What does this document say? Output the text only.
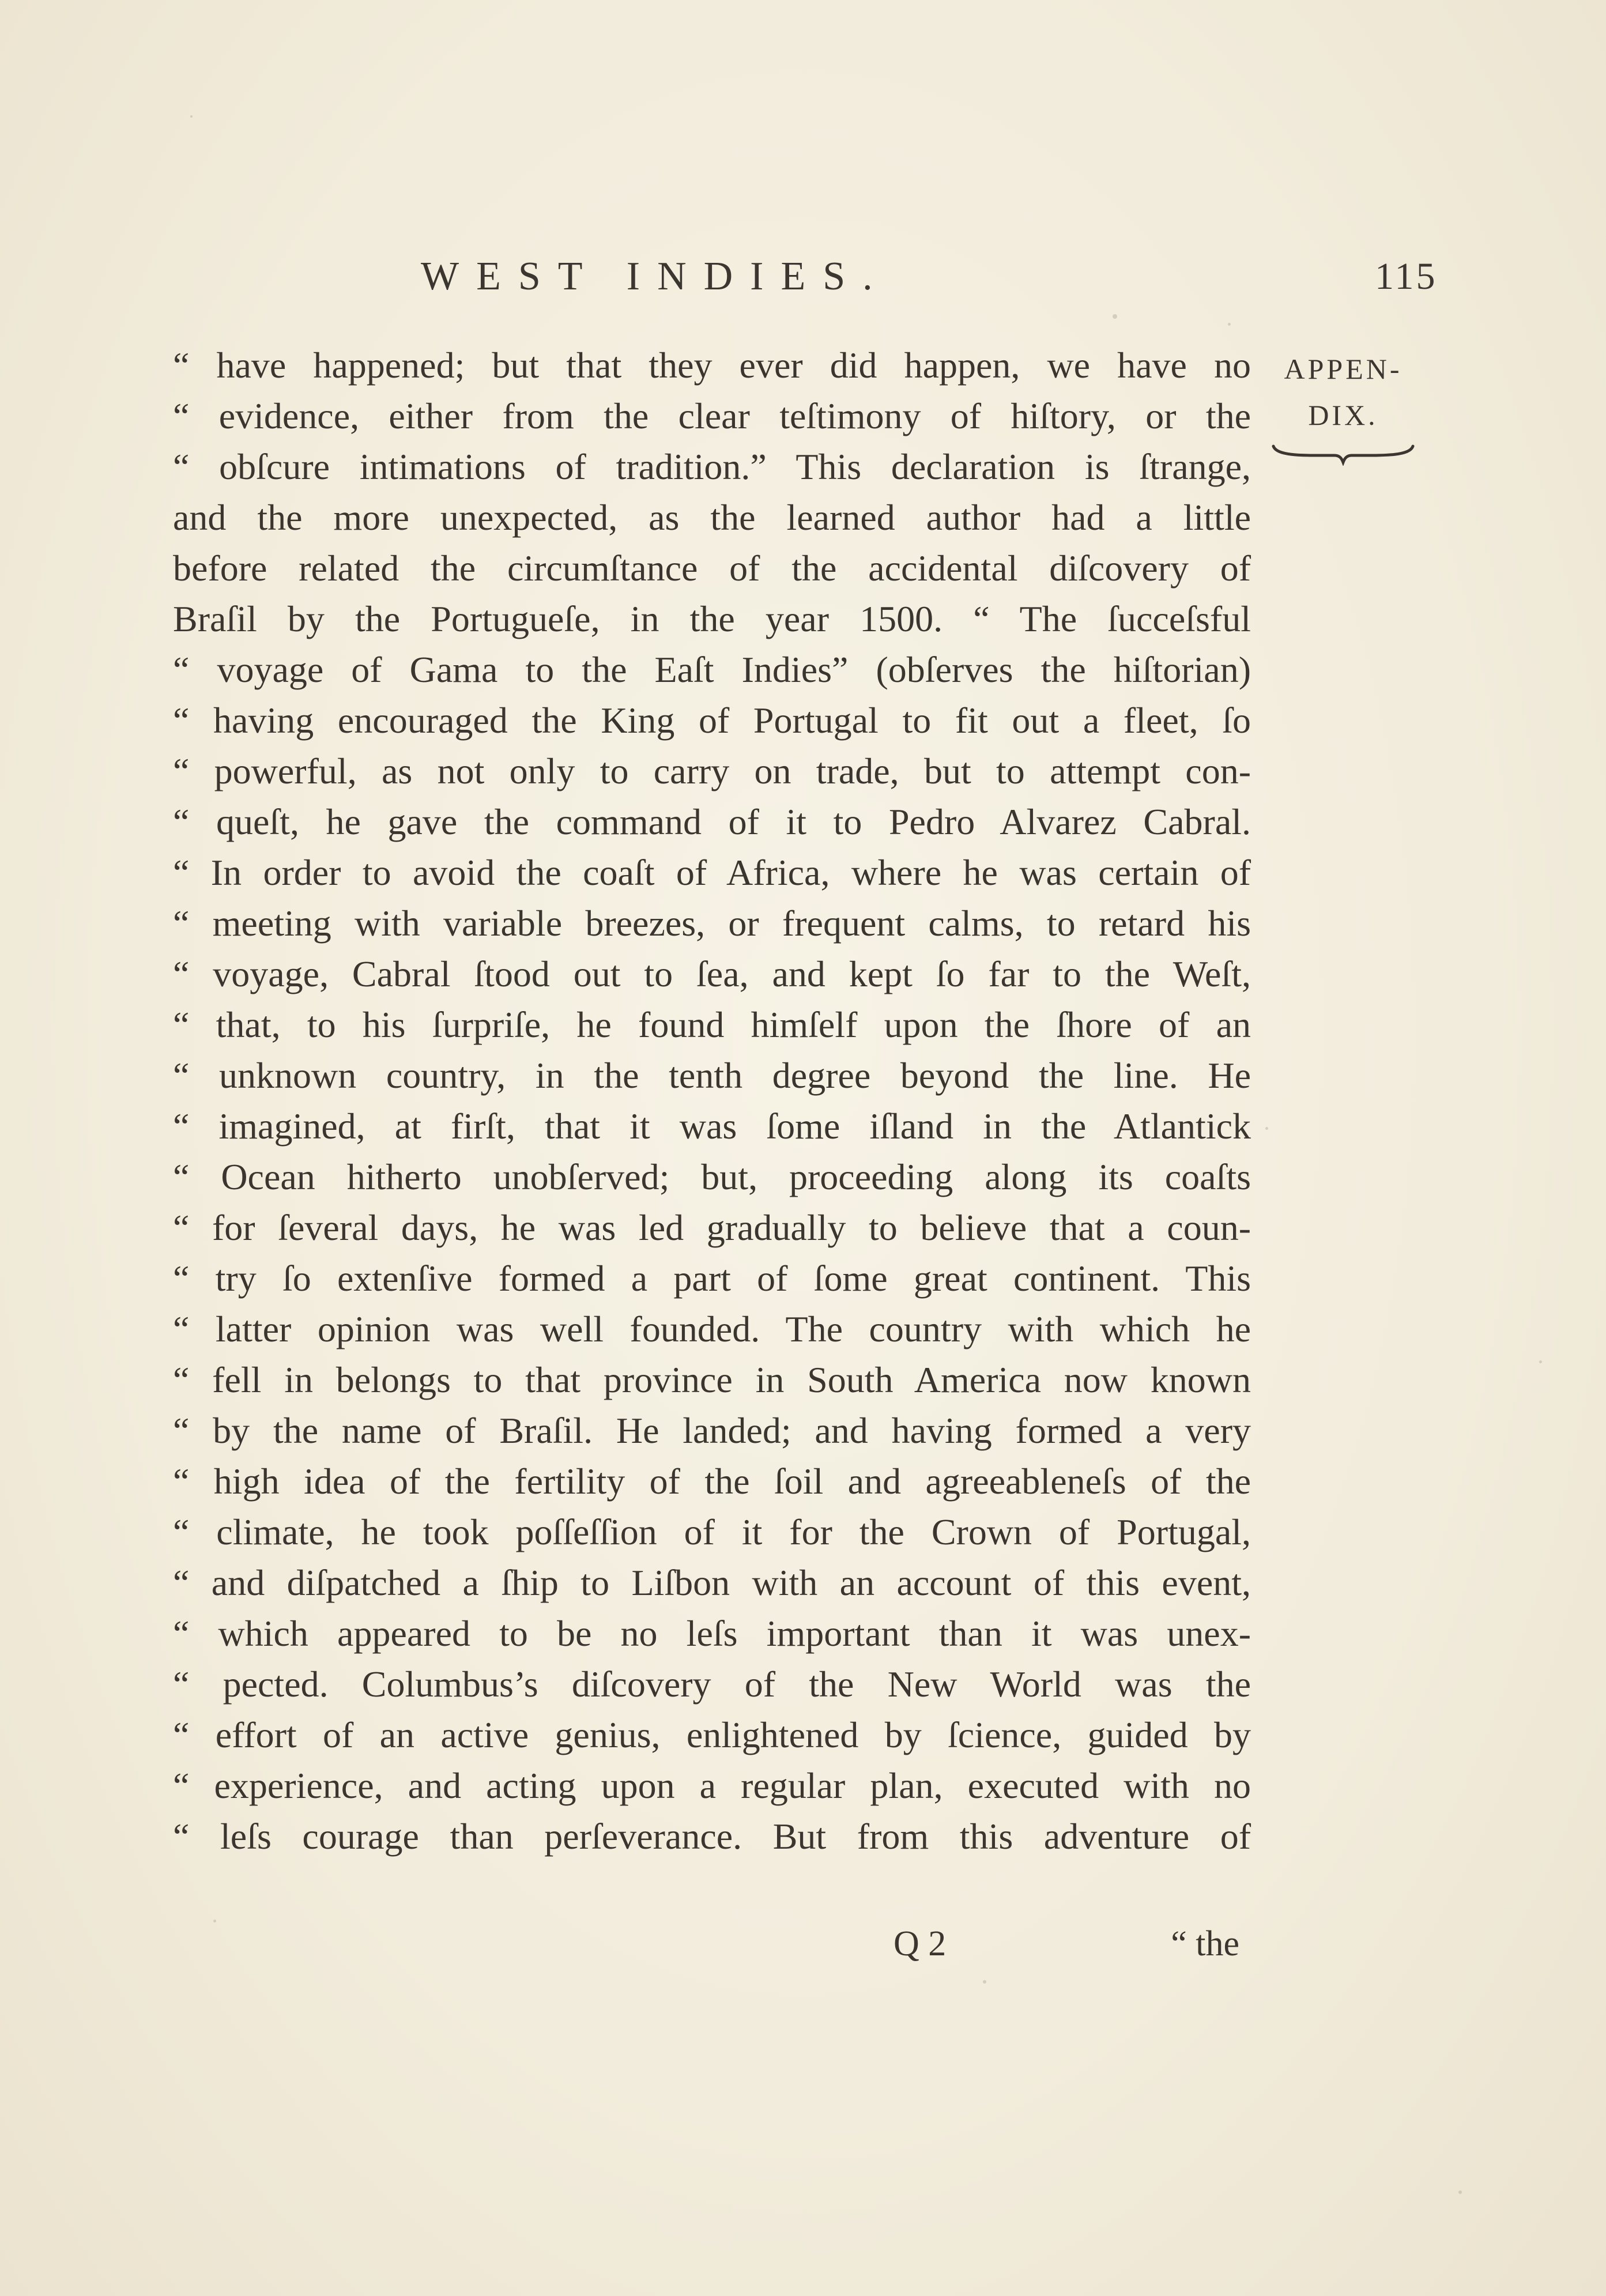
WEST INDIES.	115
APPEN-
DIX.
“ have happened; but that they ever did happen, we have no
“ evidence, either from the clear teſtimony of hiſtory, or the
“ obſcure intimations of tradition.” This declaration is ſtrange,
and the more unexpected, as the learned author had a little
before related the circumſtance of the accidental diſcovery of
Braſil by the Portugueſe, in the year 1500. “ The ſucceſsful
“ voyage of Gama to the Eaſt Indies” (obſerves the hiſtorian)
“ having encouraged the King of Portugal to fit out a fleet, ſo
“ powerful, as not only to carry on trade, but to attempt con-
“ queſt, he gave the command of it to Pedro Alvarez Cabral.
“ In order to avoid the coaſt of Africa, where he was certain of
“ meeting with variable breezes, or frequent calms, to retard his
“ voyage, Cabral ſtood out to ſea, and kept ſo far to the Weſt,
“ that, to his ſurpriſe, he found himſelf upon the ſhore of an
“ unknown country, in the tenth degree beyond the line. He
“ imagined, at firſt, that it was ſome iſland in the Atlantick
“ Ocean hitherto unobſerved; but, proceeding along its coaſts
“ for ſeveral days, he was led gradually to believe that a coun-
“ try ſo extenſive formed a part of ſome great continent. This
“ latter opinion was well founded. The country with which he
“ fell in belongs to that province in South America now known
“ by the name of Braſil. He landed; and having formed a very
“ high idea of the fertility of the ſoil and agreeableneſs of the
“ climate, he took poſſeſſion of it for the Crown of Portugal,
“ and diſpatched a ſhip to Liſbon with an account of this event,
“ which appeared to be no leſs important than it was unex-
“ pected. Columbus’s diſcovery of the New World was the
“ effort of an active genius, enlightened by ſcience, guided by
“ experience, and acting upon a regular plan, executed with no
“ leſs courage than perſeverance. But from this adventure of
Q 2	“ the
